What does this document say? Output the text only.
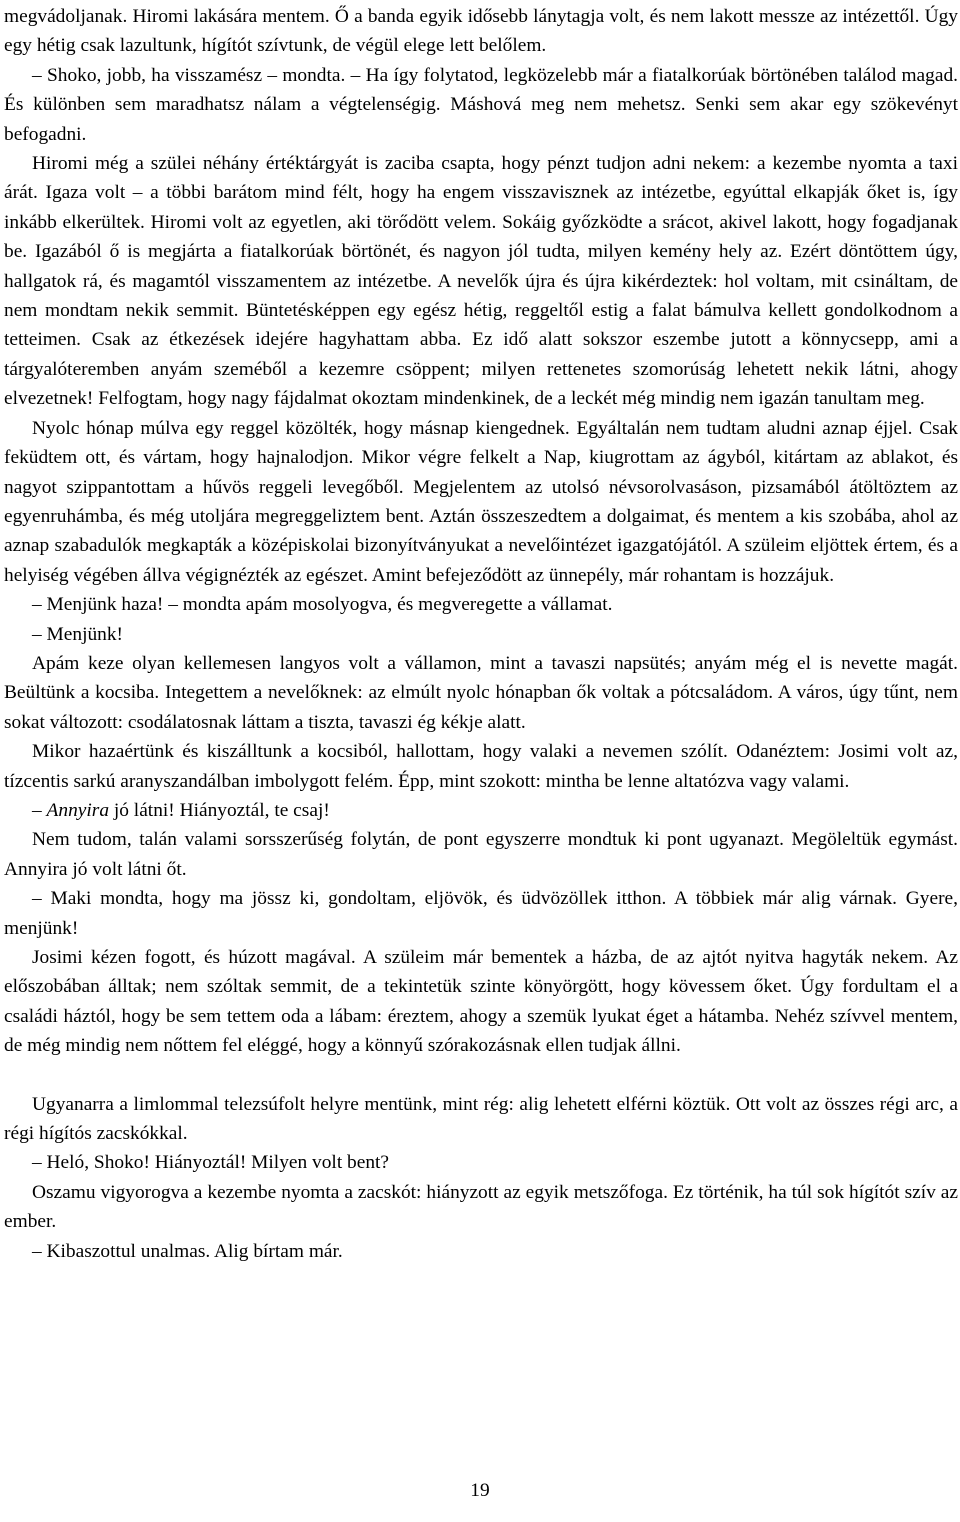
megvádoljanak. Hiromi lakására mentem. Ő a banda egyik idősebb lánytagja volt, és nem lakott messze az intézettől. Úgy egy hétig csak lazultunk, hígítót szívtunk, de végül elege lett belőlem.

– Shoko, jobb, ha visszamész – mondta. – Ha így folytatod, legközelebb már a fiatalkorúak börtönében találod magad. És különben sem maradhatsz nálam a végtelenségig. Máshová meg nem mehetsz. Senki sem akar egy szökevényt befogadni.

Hiromi még a szülei néhány értéktárgyát is zaciba csapta, hogy pénzt tudjon adni nekem: a kezembe nyomta a taxi árát. Igaza volt – a többi barátom mind félt, hogy ha engem visszavisznek az intézetbe, egyúttal elkapják őket is, így inkább elkerültek. Hiromi volt az egyetlen, aki törődött velem. Sokáig győzködte a srácot, akivel lakott, hogy fogadjanak be. Igazából ő is megjárta a fiatalkorúak börtönét, és nagyon jól tudta, milyen kemény hely az. Ezért döntöttem úgy, hallgatok rá, és magamtól visszamentem az intézetbe. A nevelők újra és újra kikérdeztek: hol voltam, mit csináltam, de nem mondtam nekik semmit. Büntetésképpen egy egész hétig, reggeltől estig a falat bámulva kellett gondolkodnom a tetteimen. Csak az étkezések idejére hagyhattam abba. Ez idő alatt sokszor eszembe jutott a könnycsepp, ami a tárgyalóteremben anyám szeméből a kezemre csöppent; milyen rettenetes szomorúság lehetett nekik látni, ahogy elvezetnek! Felfogtam, hogy nagy fájdalmat okoztam mindenkinek, de a leckét még mindig nem igazán tanultam meg.

Nyolc hónap múlva egy reggel közölték, hogy másnap kiengednek. Egyáltalán nem tudtam aludni aznap éjjel. Csak feküdtem ott, és vártam, hogy hajnalodjon. Mikor végre felkelt a Nap, kiugrottam az ágyból, kitártam az ablakot, és nagyot szippantottam a hűvös reggeli levegőből. Megjelentem az utolsó névsorolvasáson, pizsamából átöltöztem az egyenruhámba, és még utoljára megreggeliztem bent. Aztán összeszedtem a dolgaimat, és mentem a kis szobába, ahol az aznap szabadulók megkapták a középiskolai bizonyítványukat a nevelőintézet igazgatójától. A szüleim eljöttek értem, és a helyiség végében állva végignézték az egészet. Amint befejeződött az ünnepély, már rohantam is hozzájuk.

– Menjünk haza! – mondta apám mosolyogva, és megveregette a vállamat.

– Menjünk!

Apám keze olyan kellemesen langyos volt a vállamon, mint a tavaszi napsütés; anyám még el is nevette magát. Beültünk a kocsiba. Integettem a nevelőknek: az elmúlt nyolc hónapban ők voltak a pótcsaládom. A város, úgy tűnt, nem sokat változott: csodálatosnak láttam a tiszta, tavaszi ég kékje alatt.

Mikor hazaértünk és kiszálltunk a kocsiból, hallottam, hogy valaki a nevemen szólít. Odanéztem: Josimi volt az, tízcentis sarkú aranyszandálban imbolygott felém. Épp, mint szokott: mintha be lenne altatózva vagy valami.

– Annyira jó látni! Hiányoztál, te csaj!

Nem tudom, talán valami sorsszerűség folytán, de pont egyszerre mondtuk ki pont ugyanazt. Megöleltük egymást. Annyira jó volt látni őt.

– Maki mondta, hogy ma jössz ki, gondoltam, eljövök, és üdvözöllek itthon. A többiek már alig várnak. Gyere, menjünk!

Josimi kézen fogott, és húzott magával. A szüleim már bementek a házba, de az ajtót nyitva hagyták nekem. Az előszobában álltak; nem szóltak semmit, de a tekintetük szinte könyörgött, hogy kövessem őket. Úgy fordultam el a családi háztól, hogy be sem tettem oda a lábam: éreztem, ahogy a szemük lyukat éget a hátamba. Nehéz szívvel mentem, de még mindig nem nőttem fel eléggé, hogy a könnyű szórakozásnak ellen tudjak állni.

Ugyanarra a limlommal telezsúfolt helyre mentünk, mint rég: alig lehetett elférni köztük. Ott volt az összes régi arc, a régi hígítós zacskókkal.

– Heló, Shoko! Hiányoztál! Milyen volt bent?

Oszamu vigyorogva a kezembe nyomta a zacskót: hiányzott az egyik metszőfoga. Ez történik, ha túl sok hígítót szív az ember.

– Kibaszottul unalmas. Alig bírtam már.

19
